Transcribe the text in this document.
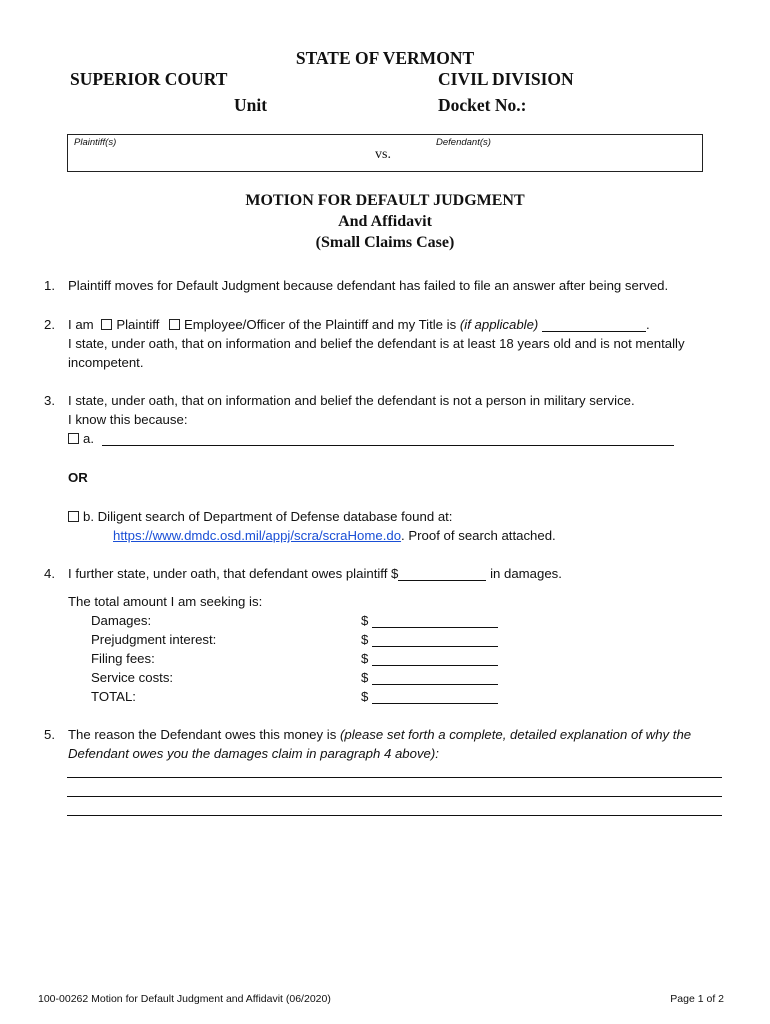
STATE OF VERMONT
SUPERIOR COURT	CIVIL DIVISION
Unit	Docket No.:
Plaintiff(s)
vs.
Defendant(s)
MOTION FOR DEFAULT JUDGMENT
And Affidavit
(Small Claims Case)
1. Plaintiff moves for Default Judgment because defendant has failed to file an answer after being served.
2. I am Plaintiff Employee/Officer of the Plaintiff and my Title is (if applicable)	.
I state, under oath, that on information and belief the defendant is at least 18 years old and is not mentally
incompetent.
3. I state, under oath, that on information and belief the defendant is not a person in military service.
I know this because:
a.
OR
b. Diligent search of Department of Defense database found at:
https://www.dmdc.osd.mil/appj/scra/scraHome.do. Proof of search attached.
4. I further state, under oath, that defendant owes plaintiff $	in damages.
The total amount I am seeking is:
Damages:	$
Prejudgment interest:	$
Filing fees:	$
Service costs:	$
TOTAL:	$
5. The reason the Defendant owes this money is (please set forth a complete, detailed explanation of why the
Defendant owes you the damages claim in paragraph 4 above):
100-00262 Motion for Default Judgment and Affidavit (06/2020)	Page 1 of 2
